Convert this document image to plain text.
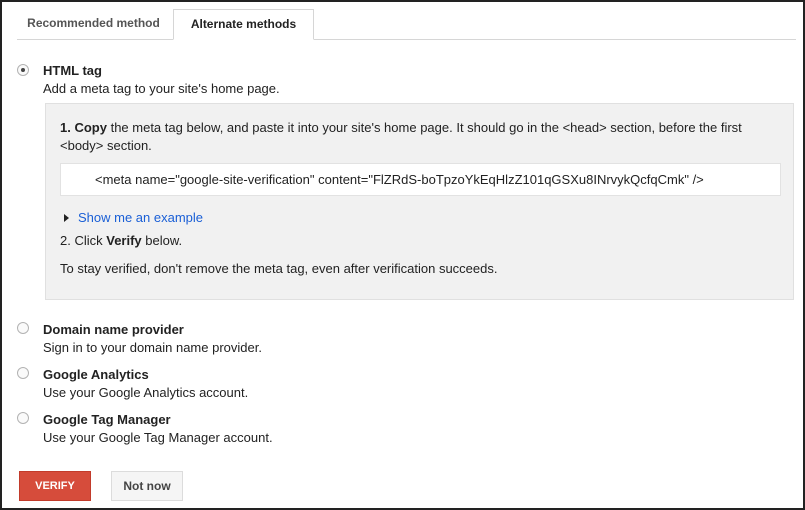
Recommended method	Alternate methods
HTML tag
Add a meta tag to your site's home page.
1. Copy the meta tag below, and paste it into your site's home page. It should go in the <head> section, before the first <body> section.
<meta name="google-site-verification" content="FlZRdS-boTpzoYkEqHlzZ101qGSXu8INrvykQcfqCmk" />
Show me an example
2. Click Verify below.
To stay verified, don't remove the meta tag, even after verification succeeds.
Domain name provider
Sign in to your domain name provider.
Google Analytics
Use your Google Analytics account.
Google Tag Manager
Use your Google Tag Manager account.
VERIFY	Not now
